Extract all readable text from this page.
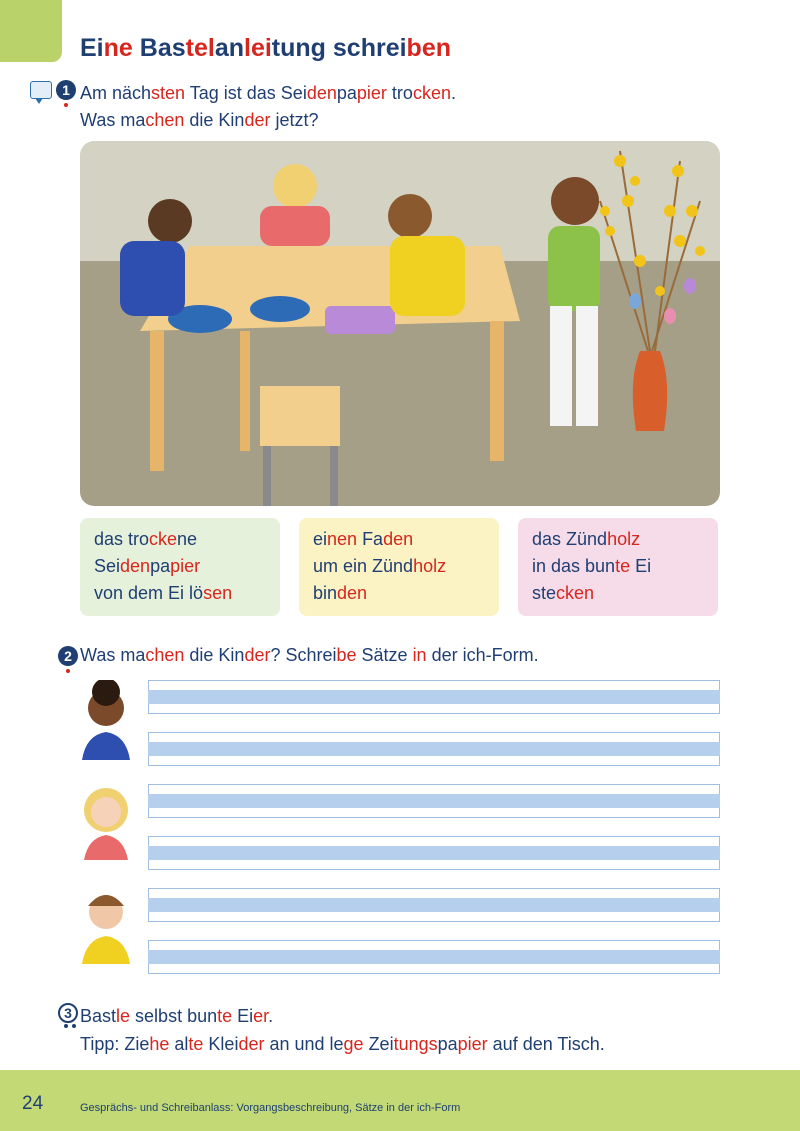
Eine Bastelanleitung schreiben
1 Am nächsten Tag ist das Seidenpapier trocken.
Was machen die Kinder jetzt?
das trockene
Seidenpapier
von dem Ei lösen
einen Faden
um ein Zündholz
binden
das Zündholz
in das bunte Ei
stecken
2 Was machen die Kinder? Schreibe Sätze in der ich-Form.
3 Bastle selbst bunte Eier.
Tipp: Ziehe alte Kleider an und lege Zeitungspapier auf den Tisch.
24	Gesprächs- und Schreibanlass: Vorgangsbeschreibung, Sätze in der ich-Form
